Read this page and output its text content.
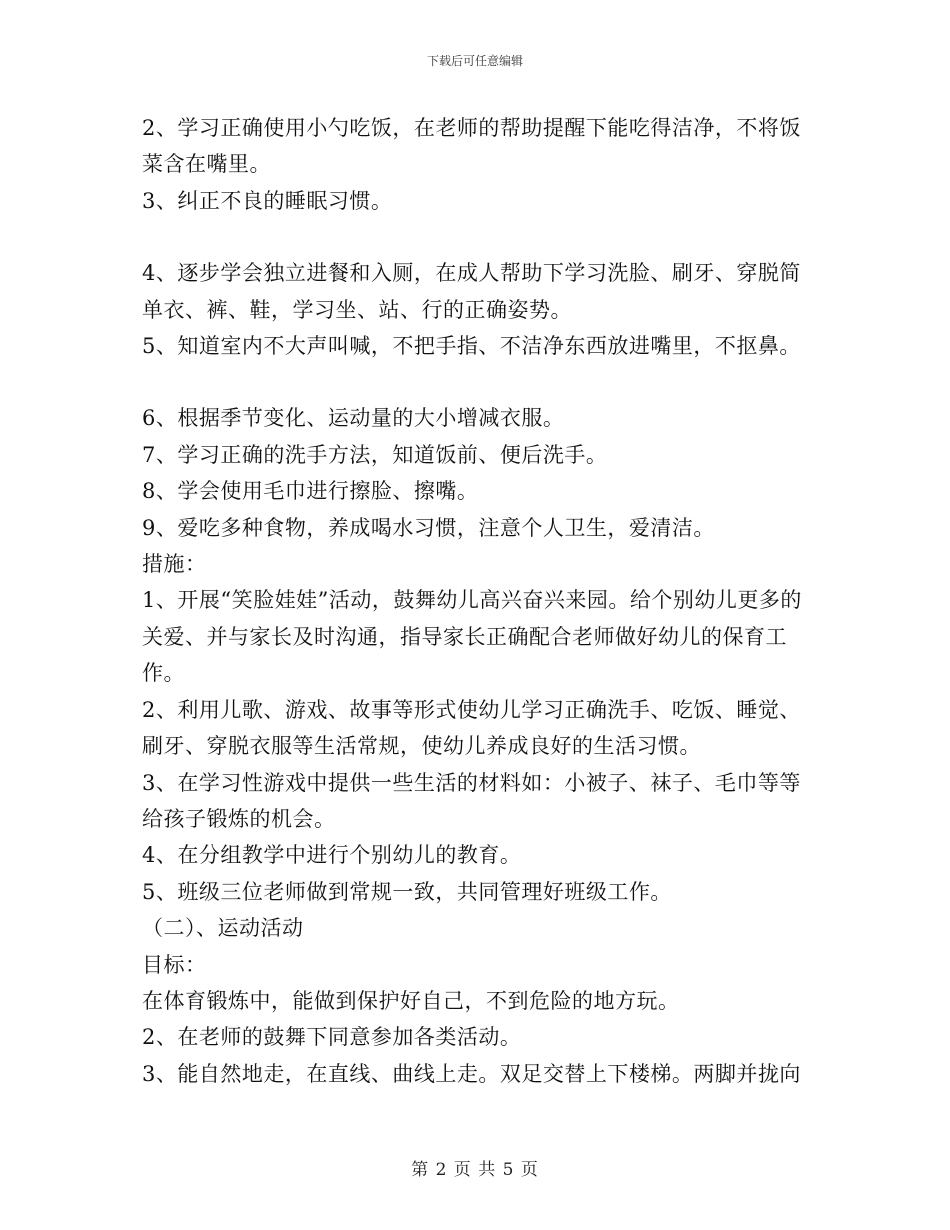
下载后可任意编辑

2、学习正确使用小勺吃饭，在老师的帮助提醒下能吃得洁净，不将饭菜含在嘴里。

3、纠正不良的睡眠习惯。

4、逐步学会独立进餐和入厕，在成人帮助下学习洗脸、刷牙、穿脱简单衣、裤、鞋，学习坐、站、行的正确姿势。

5、知道室内不大声叫喊，不把手指、不洁净东西放进嘴里，不抠鼻。

6、根据季节变化、运动量的大小增减衣服。

7、学习正确的洗手方法，知道饭前、便后洗手。

8、学会使用毛巾进行擦脸、擦嘴。

9、爱吃多种食物，养成喝水习惯，注意个人卫生，爱清洁。

措施：

1、开展“笑脸娃娃”活动，鼓舞幼儿高兴奋兴来园。给个别幼儿更多的关爱、并与家长及时沟通，指导家长正确配合老师做好幼儿的保育工作。

2、利用儿歌、游戏、故事等形式使幼儿学习正确洗手、吃饭、睡觉、刷牙、穿脱衣服等生活常规，使幼儿养成良好的生活习惯。

3、在学习性游戏中提供一些生活的材料如：小被子、袜子、毛巾等等给孩子锻炼的机会。

4、在分组教学中进行个别幼儿的教育。

5、班级三位老师做到常规一致，共同管理好班级工作。

（二）、运动活动

目标：

在体育锻炼中，能做到保护好自己，不到危险的地方玩。

2、在老师的鼓舞下同意参加各类活动。

3、能自然地走，在直线、曲线上走。双足交替上下楼梯。两脚并拢向

第 2 页 共 5 页
